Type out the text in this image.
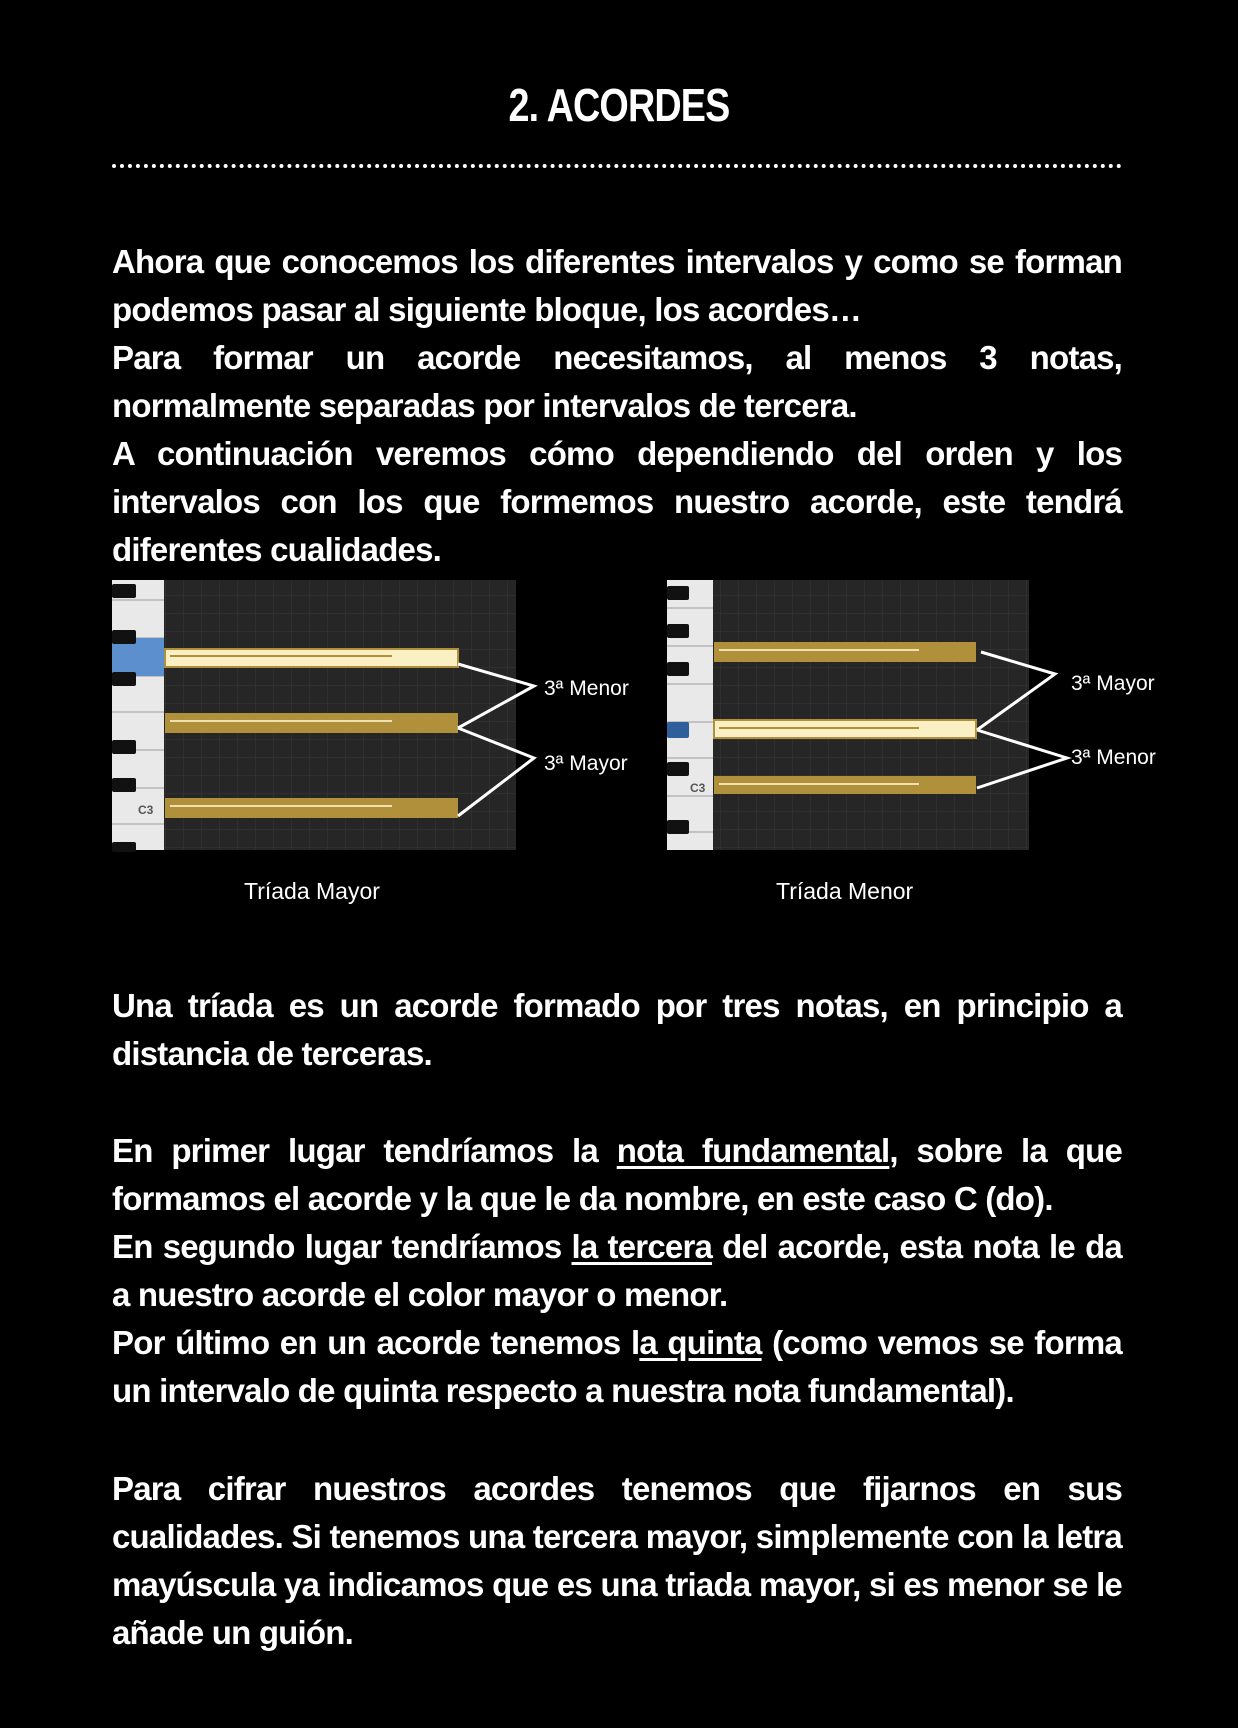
2. ACORDES

Ahora que conocemos los diferentes intervalos y como se forman podemos pasar al siguiente bloque, los acordes…

Para formar un acorde necesitamos, al menos 3 notas, normalmente separadas por intervalos de tercera.

A continuación veremos cómo dependiendo del orden y los intervalos con los que formemos nuestro acorde, este tendrá diferentes cualidades.

C3
3ª Menor
3ª Mayor
C3
3ª Mayor
3ª Menor
Tríada Mayor	Tríada Menor

Una tríada es un acorde formado por tres notas, en principio a distancia de terceras.

En primer lugar tendríamos la nota fundamental, sobre la que formamos el acorde y la que le da nombre, en este caso C (do).

En segundo lugar tendríamos la tercera del acorde, esta nota le da a nuestro acorde el color mayor o menor.

Por último en un acorde tenemos la quinta (como vemos se forma un intervalo de quinta respecto a nuestra nota fundamental).

Para cifrar nuestros acordes tenemos que fijarnos en sus cualidades. Si tenemos una tercera mayor, simplemente con la letra mayúscula ya indicamos que es una triada mayor, si es menor se le añade un guión.
